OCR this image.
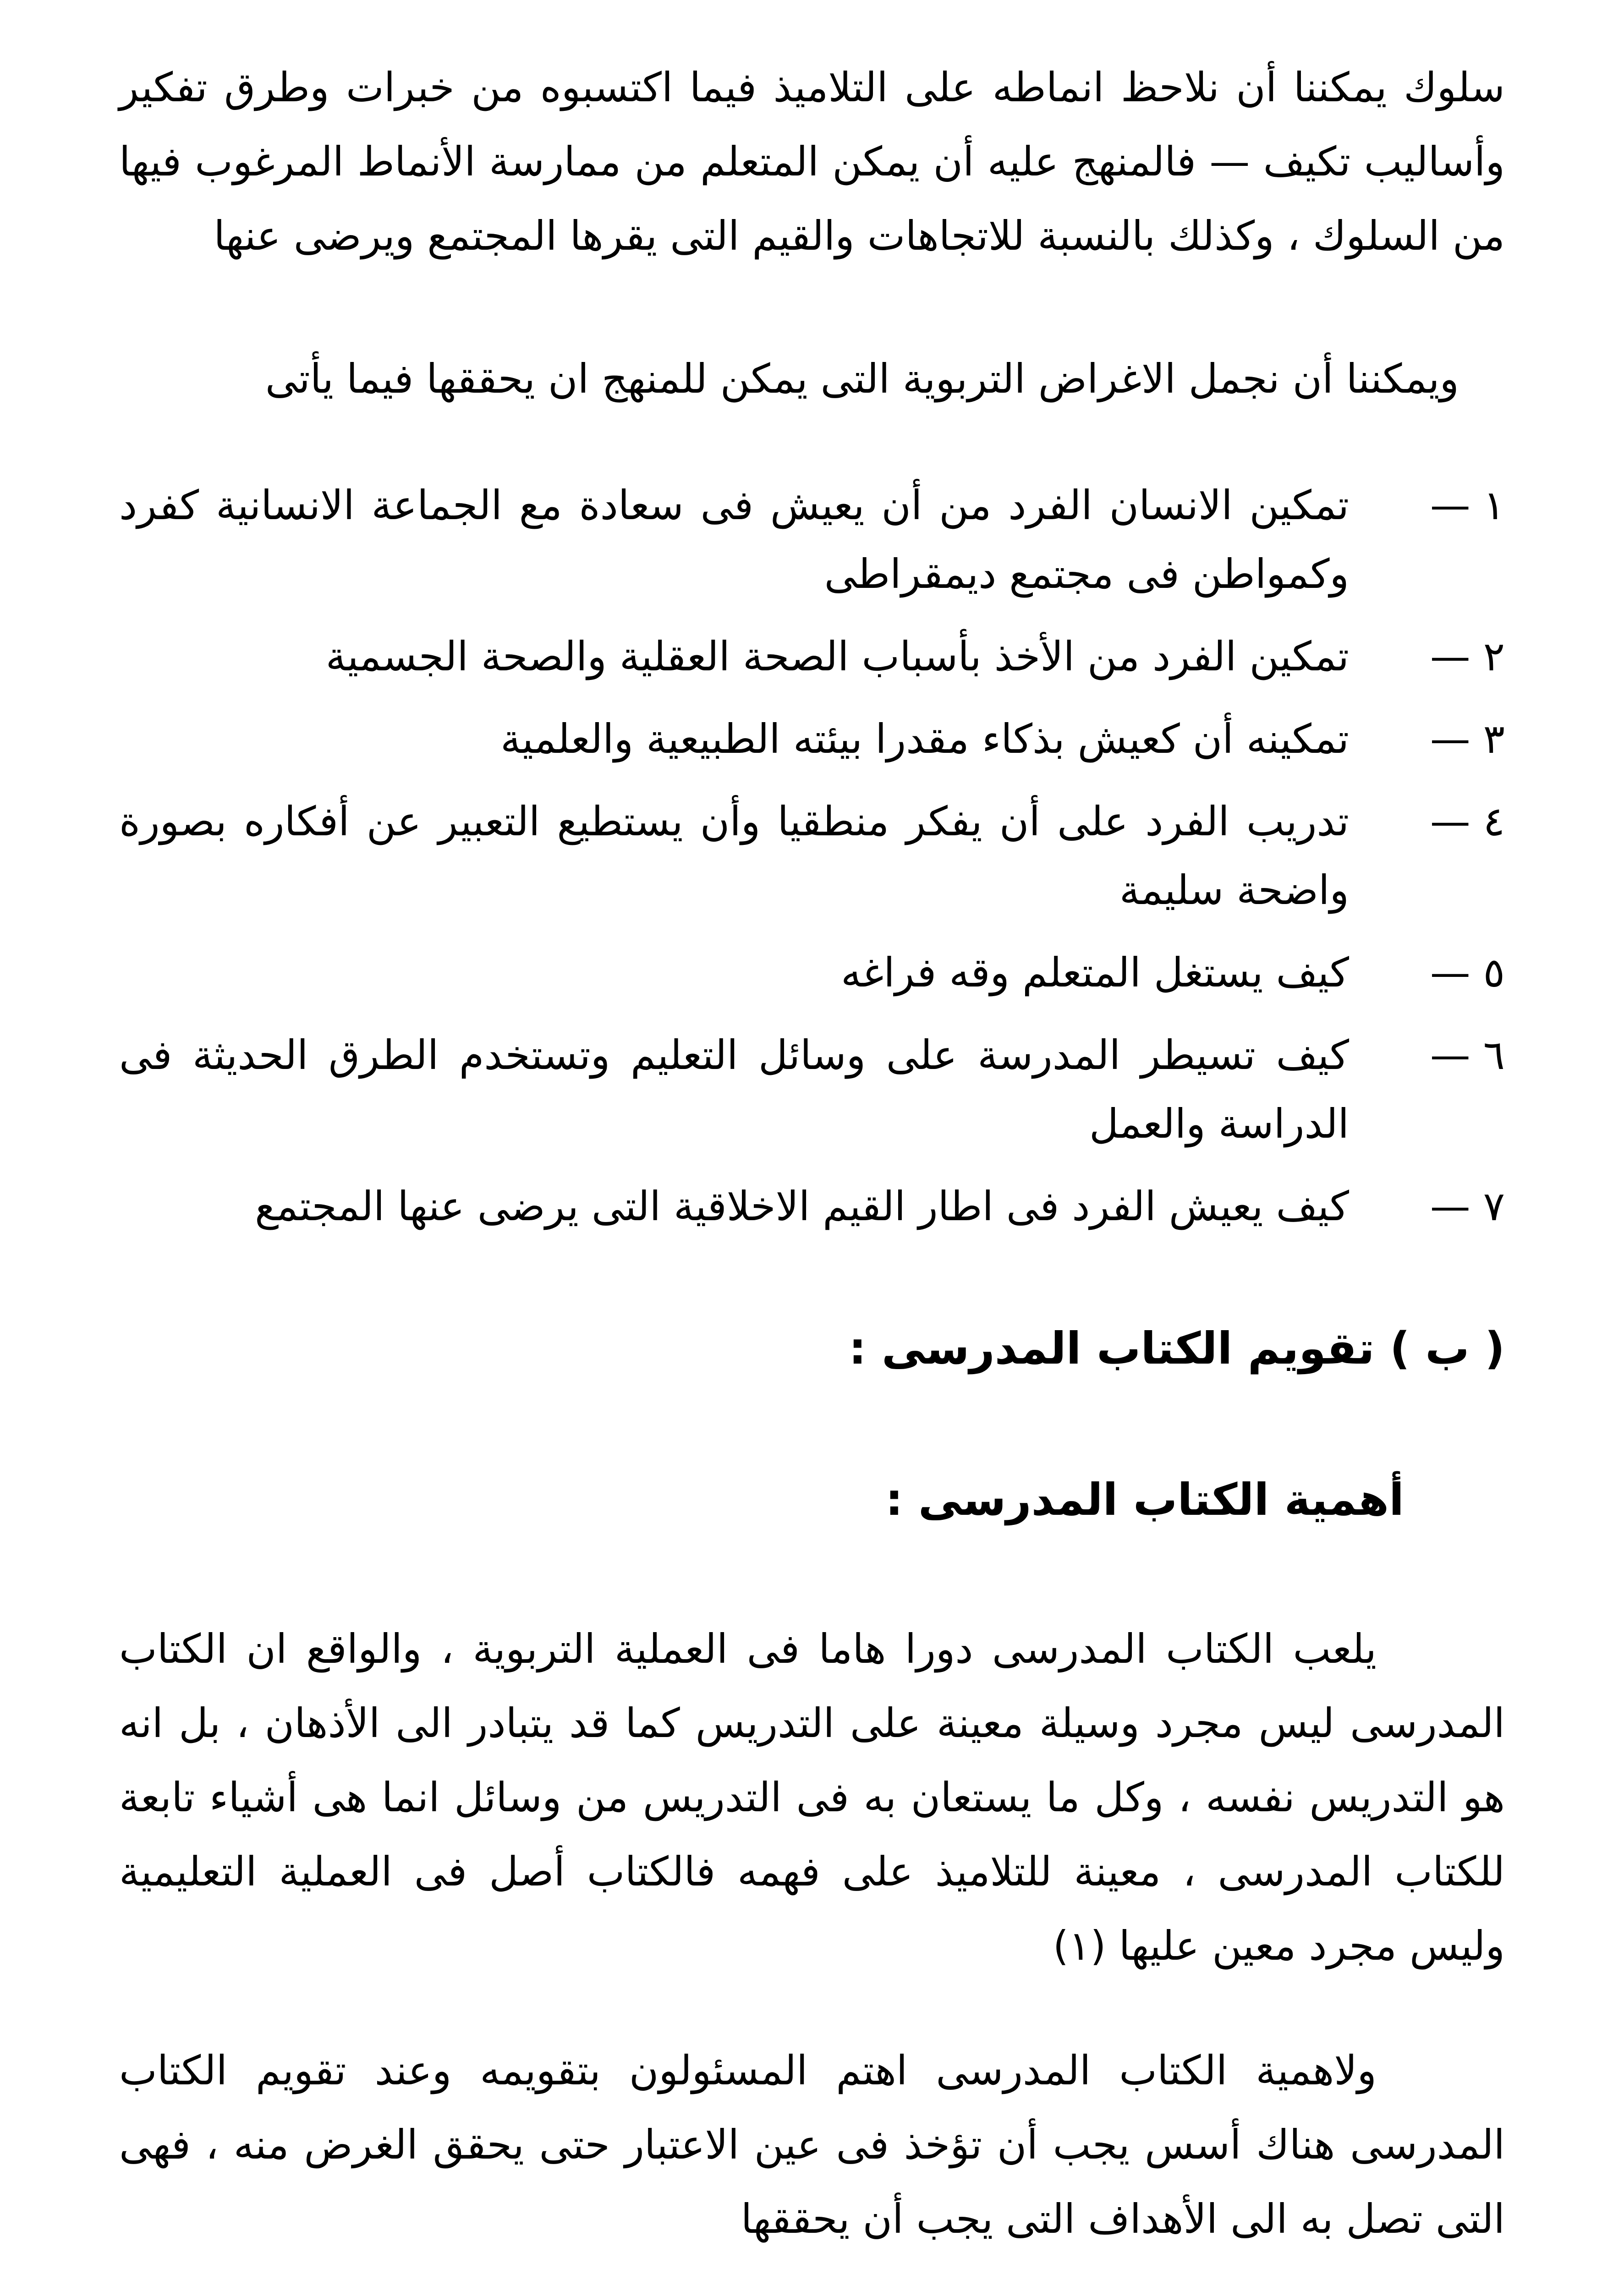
سلوك يمكننا أن نلاحظ انماطه على التلاميذ فيما اكتسبوه من خبرات وطرق تفكير وأساليب تكيف — فالمنهج عليه أن يمكن المتعلم من ممارسة الأنماط المرغوب فيها من السلوك ، وكذلك بالنسبة للاتجاهات والقيم التى يقرها المجتمع ويرضى عنها

ويمكننا أن نجمل الاغراض التربوية التى يمكن للمنهج ان يحققها فيما يأتى

١ —
تمكين الانسان الفرد من أن يعيش فى سعادة مع الجماعة الانسانية كفرد وكمواطن فى مجتمع ديمقراطى
٢ —
تمكين الفرد من الأخذ بأسباب الصحة العقلية والصحة الجسمية
٣ —
تمكينه أن كعيش بذكاء مقدرا بيئته الطبيعية والعلمية
٤ —
تدريب الفرد على أن يفكر منطقيا وأن يستطيع التعبير عن أفكاره بصورة واضحة سليمة
٥ —
كيف يستغل المتعلم وقه فراغه
٦ —
كيف تسيطر المدرسة على وسائل التعليم وتستخدم الطرق الحديثة فى الدراسة والعمل
٧ —
كيف يعيش الفرد فى اطار القيم الاخلاقية التى يرضى عنها المجتمع
( ب ) تقويم الكتاب المدرسى :
أهمية الكتاب المدرسى :

يلعب الكتاب المدرسى دورا هاما فى العملية التربوية ، والواقع ان الكتاب المدرسى ليس مجرد وسيلة معينة على التدريس كما قد يتبادر الى الأذهان ، بل انه هو التدريس نفسه ، وكل ما يستعان به فى التدريس من وسائل انما هى أشياء تابعة للكتاب المدرسى ، معينة للتلاميذ على فهمه فالكتاب أصل فى العملية التعليمية وليس مجرد معين عليها (١)

ولاهمية الكتاب المدرسى اهتم المسئولون بتقويمه وعند تقويم الكتاب المدرسى هناك أسس يجب أن تؤخذ فى عين الاعتبار حتى يحقق الغرض منه ، فهى التى تصل به الى الأهداف التى يجب أن يحققها
